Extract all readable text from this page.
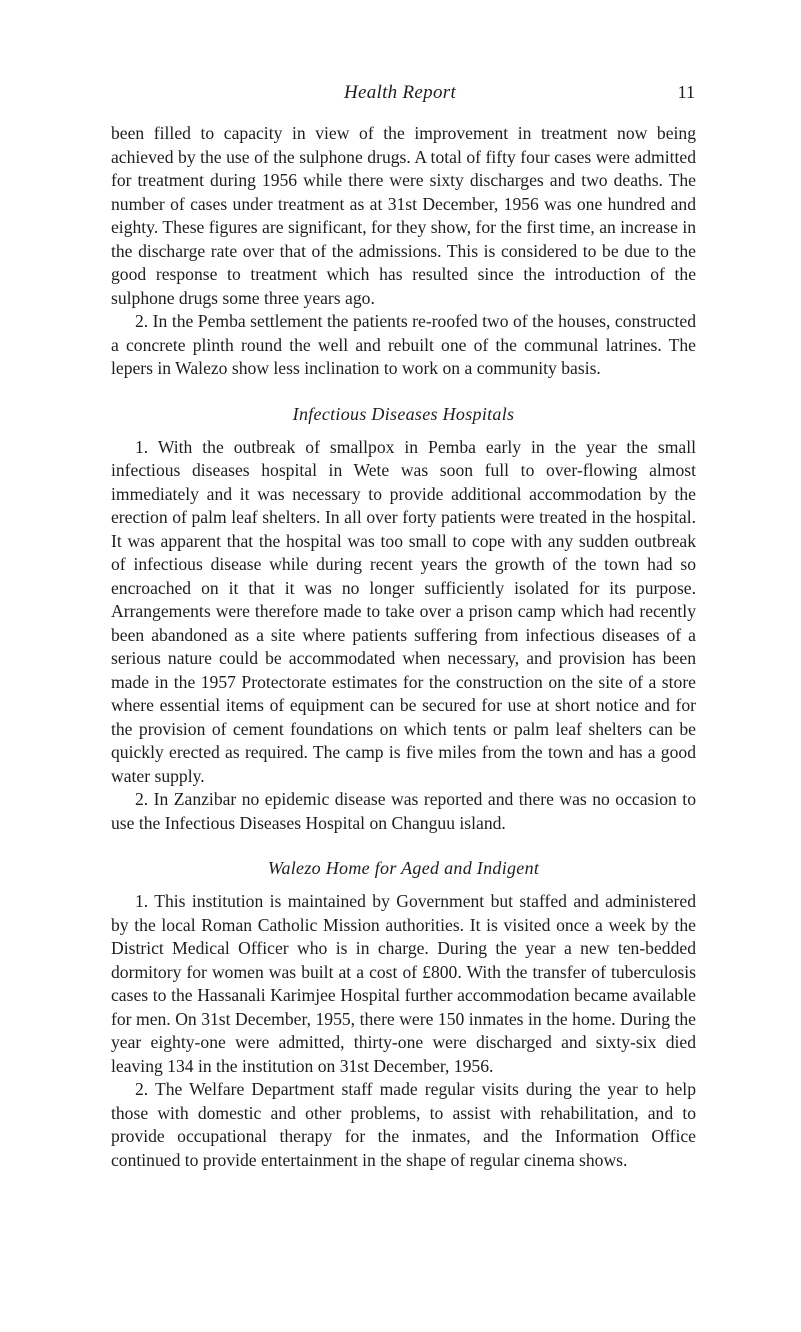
Health Report	11

been filled to capacity in view of the improvement in treatment now being achieved by the use of the sulphone drugs. A total of fifty four cases were admitted for treatment during 1956 while there were sixty discharges and two deaths. The number of cases under treatment as at 31st December, 1956 was one hundred and eighty. These figures are significant, for they show, for the first time, an increase in the discharge rate over that of the admissions. This is considered to be due to the good response to treatment which has resulted since the introduction of the sulphone drugs some three years ago.

2. In the Pemba settlement the patients re-roofed two of the houses, constructed a concrete plinth round the well and rebuilt one of the communal latrines. The lepers in Walezo show less inclination to work on a community basis.

Infectious Diseases Hospitals

1. With the outbreak of smallpox in Pemba early in the year the small infectious diseases hospital in Wete was soon full to over-flowing almost immediately and it was necessary to provide additional accommodation by the erection of palm leaf shelters. In all over forty patients were treated in the hospital. It was apparent that the hospital was too small to cope with any sudden outbreak of infectious disease while during recent years the growth of the town had so encroached on it that it was no longer sufficiently isolated for its purpose. Arrangements were therefore made to take over a prison camp which had recently been abandoned as a site where patients suffering from infectious diseases of a serious nature could be accommodated when necessary, and provision has been made in the 1957 Protectorate estimates for the construction on the site of a store where essential items of equipment can be secured for use at short notice and for the provision of cement foundations on which tents or palm leaf shelters can be quickly erected as required. The camp is five miles from the town and has a good water supply.

2. In Zanzibar no epidemic disease was reported and there was no occasion to use the Infectious Diseases Hospital on Changuu island.

Walezo Home for Aged and Indigent

1. This institution is maintained by Government but staffed and administered by the local Roman Catholic Mission authorities. It is visited once a week by the District Medical Officer who is in charge. During the year a new ten-bedded dormitory for women was built at a cost of £800. With the transfer of tuberculosis cases to the Hassanali Karimjee Hospital further accommodation became available for men. On 31st December, 1955, there were 150 inmates in the home. During the year eighty-one were admitted, thirty-one were discharged and sixty-six died leaving 134 in the institution on 31st December, 1956.

2. The Welfare Department staff made regular visits during the year to help those with domestic and other problems, to assist with rehabilitation, and to provide occupational therapy for the inmates, and the Information Office continued to provide entertainment in the shape of regular cinema shows.
